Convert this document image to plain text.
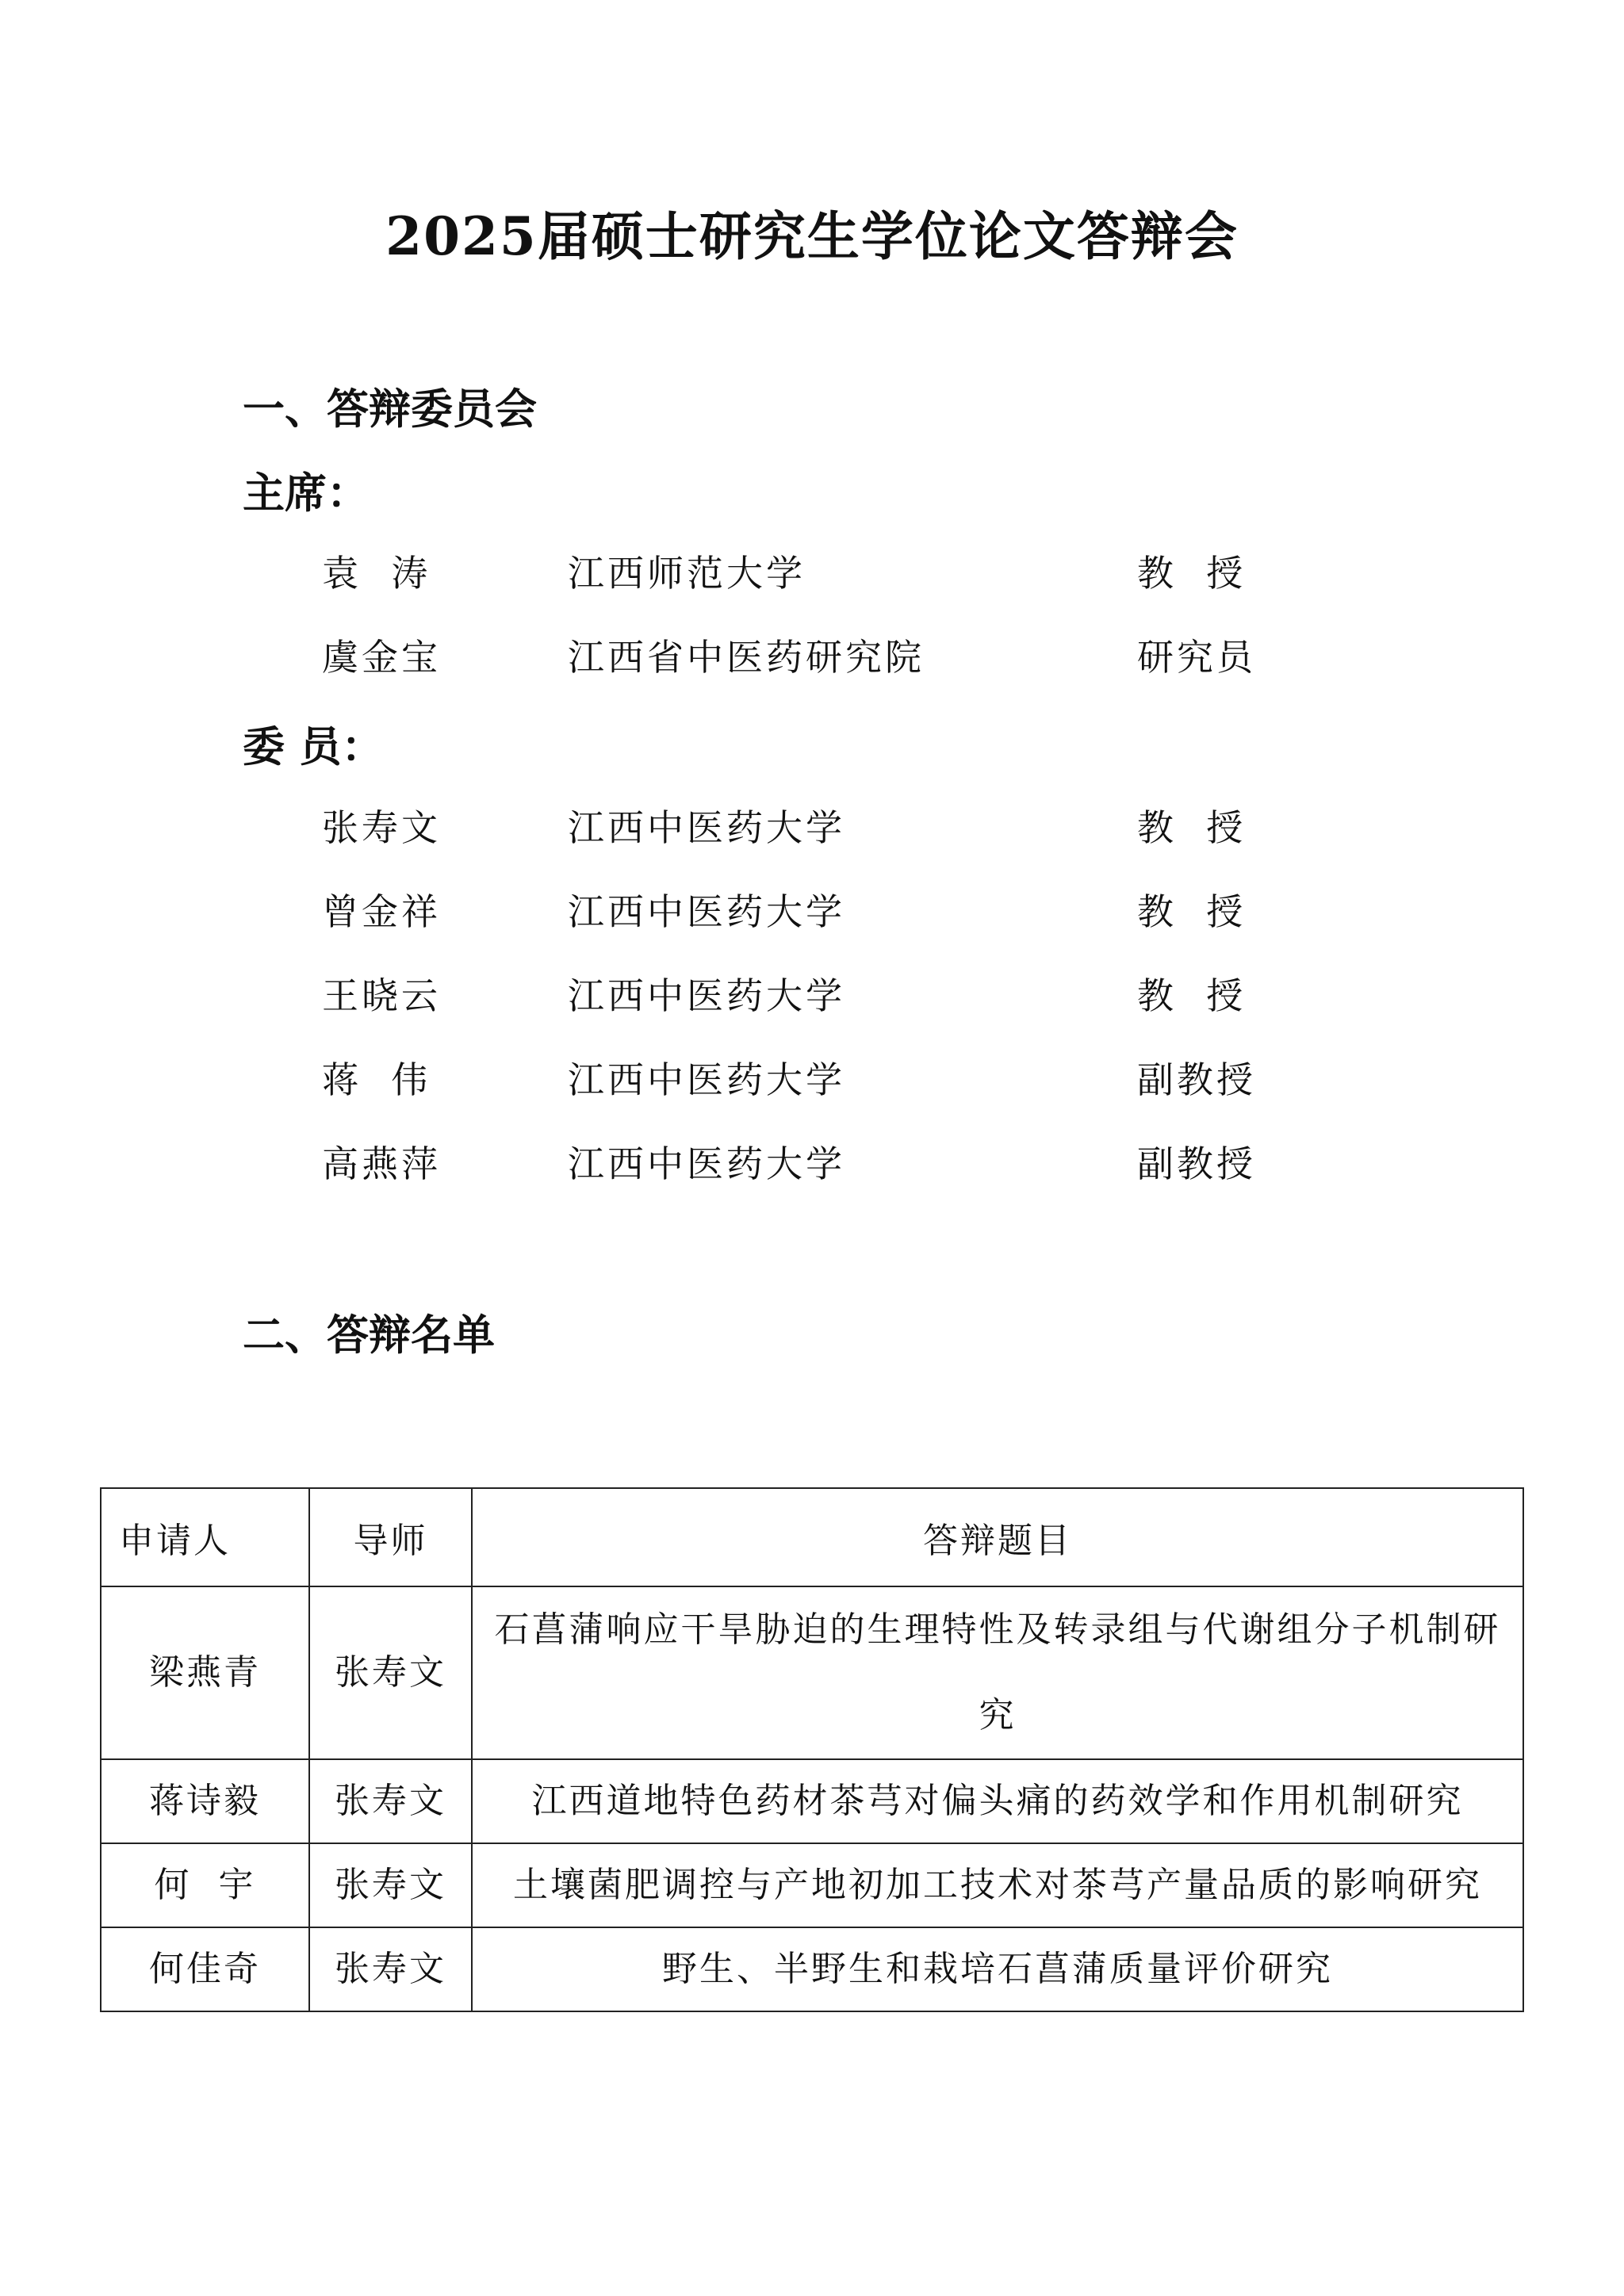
2025届硕士研究生学位论文答辩会
一、答辩委员会
主席：
袁  涛	江西师范大学	教  授
虞金宝	江西省中医药研究院	研究员
委 员：
张寿文	江西中医药大学	教  授
曾金祥	江西中医药大学	教  授
王晓云	江西中医药大学	教  授
蒋  伟	江西中医药大学	副教授
高燕萍	江西中医药大学	副教授
二、答辩名单
申请人	导师	答辩题目
梁燕青	张寿文	石菖蒲响应干旱胁迫的生理特性及转录组与代谢组分子机制研究
蒋诗毅	张寿文	江西道地特色药材茶芎对偏头痛的药效学和作用机制研究
何  宇	张寿文	土壤菌肥调控与产地初加工技术对茶芎产量品质的影响研究
何佳奇	张寿文	野生、半野生和栽培石菖蒲质量评价研究
